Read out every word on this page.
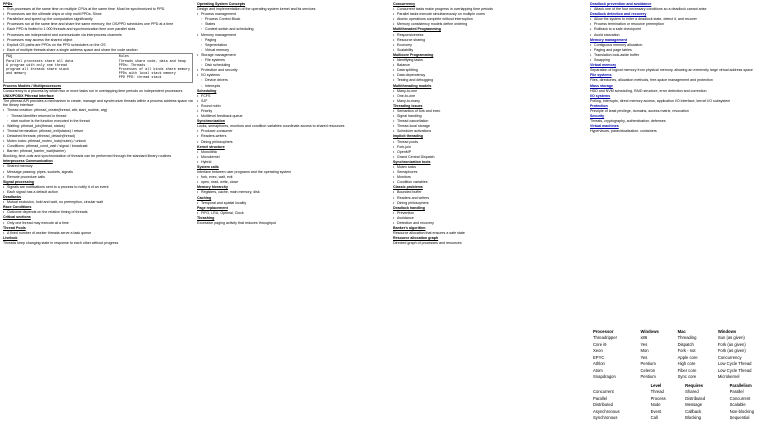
PPDs

• Run processes at the same time on multiple CPUs at the same time. Must be synchronized to PPD.

• Processors are the ultimate chips or chip multi PPDs. Since

• Parallelize and speed up the computation significantly

• Processes run at the same time and share the same memory; the OS/PPD schedules one PPD at a time

• Each PPD is limited to 1 000 threads and synchronization time over parallel slots

• Processes are independent and communicate via interprocess channels

• Processes may access the shared object

• Explicit OS paths are PPDs on the PPD schedulers on the OS

• Each of multiple threads share a single address space and share the code section

P&Q
Parallel processes share all data
A program with only one thread
program all threads share stack
and memory
Rules
Threads share code, data and heap
PPDs: Threads
Processes of all kinds share memory
PPDs with local stack memory
PPD PPD: thread stack

Process Models / Multiprocessors

Concurrency is a process by which two or more tasks run in overlapping time periods on independent processors

UNIX/POSIX Pthread Interface

The pthread API provides a mechanism to create, manage and synchronize threads within a process address space via the library interface

• Thread creation: pthread_create(thread, attr, start_routine, arg)

◦ Thread identifier returned in thread

◦ start routine is the function executed in the thread

• Waiting: pthread_join(thread, status)

• Thread termination: pthread_exit(status) / return

• Detached threads: pthread_detach(thread)

• Mutex locks: pthread_mutex_lock(mutex) / unlock

• Conditions: pthread_cond_wait / signal / broadcast

• Barrier: pthread_barrier_wait(barrier)

Blocking, time-outs and synchronization of threads can be performed through the standard library routines

Interprocess Communication

• Shared memory

• Message passing: pipes, sockets, signals

• Remote procedure calls

Signal processing

• Signals are notifications sent to a process to notify it of an event

• Each signal has a default action

Deadlocks

• Mutual exclusion, hold and wait, no preemption, circular wait

Race Conditions

• Outcome depends on the relative timing of threads

Critical sections

• Only one thread may execute at a time

Thread Pools

• A fixed number of worker threads serve a task queue

Livelock

Threads keep changing state in response to each other without progress

Operating System Concepts

Design and implementation of the operating system kernel and its services

• Process management

◦ Process Control Block

◦ States

◦ Context switch and scheduling

• Memory management

◦ Paging

◦ Segmentation

◦ Virtual memory

• Storage management

◦ File systems

◦ Disk scheduling

• Protection and security

• I/O systems

◦ Device drivers

◦ Interrupts

Scheduling

• FCFS

• SJF

• Round robin

• Priority

• Multilevel feedback queue

Synchronization

Locks, semaphores, monitors and condition variables coordinate access to shared resources

• Producer-consumer

• Readers-writers

• Dining philosophers

Kernel structure

• Monolithic

• Microkernel

• Hybrid

System calls

Interface between user programs and the operating system

• fork, exec, wait, exit

• open, read, write, close

Memory hierarchy

• Registers, cache, main memory, disk

Caching

• Temporal and spatial locality

Page replacement

• FIFO, LRU, Optimal, Clock

Thrashing

Excessive paging activity that reduces throughput

Concurrency

• Concurrent tasks make progress in overlapping time periods

• Parallel tasks execute simultaneously on multiple cores

• Atomic operations complete without interruption

• Memory consistency models define ordering

Multithreaded Programming

• Responsiveness

• Resource sharing

• Economy

• Scalability

Multicore Programming

• Identifying tasks

• Balance

• Data splitting

• Data dependency

• Testing and debugging

Multithreading models

• Many-to-one

• One-to-one

• Many-to-many

Threading issues

• Semantics of fork and exec

• Signal handling

• Thread cancellation

• Thread-local storage

• Scheduler activations

Implicit threading

• Thread pools

• Fork-join

• OpenMP

• Grand Central Dispatch

Synchronization tools

• Mutex locks

• Semaphores

• Monitors

• Condition variables

Classic problems

• Bounded buffer

• Readers and writers

• Dining philosophers

Deadlock handling

• Prevention

• Avoidance

• Detection and recovery

Banker's algorithm

Resource allocation that ensures a safe state

Resource allocation graph

Directed graph of processes and resources

Deadlock prevention and avoidance

• Attack one of the four necessary conditions so a deadlock cannot arise

Deadlock detection and recovery

• Allow the system to enter a deadlock state, detect it, and recover

• Process termination or resource preemption

• Rollback to a safe checkpoint

• Avoid starvation

Memory management

• Contiguous memory allocation

• Paging and page tables

• Translation look-aside buffer

• Swapping

Virtual memory

Separation of logical memory from physical memory, allowing an extremely large virtual address space

File systems

Files, directories, allocation methods, free-space management and protection

Mass storage

HDD and NVM scheduling, RAID structure, error detection and correction

I/O systems

Polling, interrupts, direct memory access, application I/O interface, kernel I/O subsystem

Protection

Principle of least privilege, domains, access matrix, revocation

Security

Threats, cryptography, authentication, defenses

Virtual machines

Hypervisors, paravirtualization, containers

Processor	Windows	Mac	Windows
Threadripper	x86	Threading	Sun (as given)
Core i9	Yes	Dispatch	Fork (as given)
Xeon	Mon	Fork - not	Fork (as given)
EPYC	Yes	Apple core	Concurrency
Athlon	Pentium	High core	Low Cycle Thread
Atom	Celeron	Fiber core	Low Cycle Thread
Snapdragon	Pentium	Sync core	Microkernel
	Level	Requires	Parallelism
Concurrent	Thread	Shared	Parallel
Parallel	Process	Distributed	Concurrent
Distributed	Node	Message	Scalable
Asynchronous	Event	Callback	Non-blocking
Synchronous	Call	Blocking	Sequential
